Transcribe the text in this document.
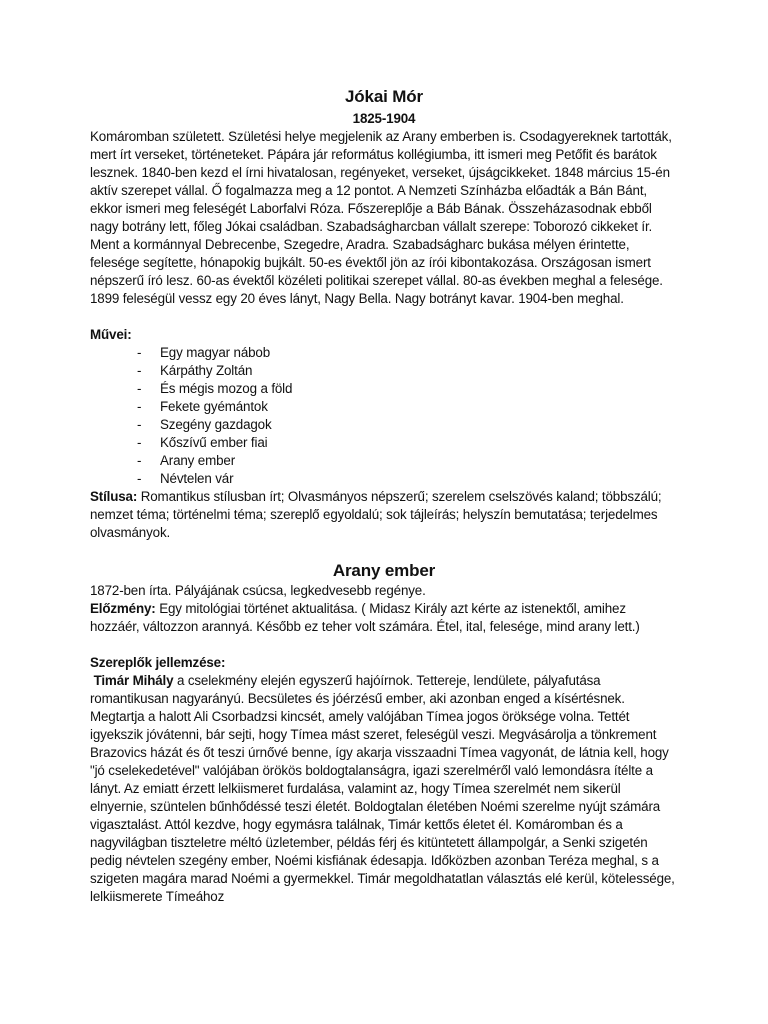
Jókai Mór
1825-1904

Komáromban született. Születési helye megjelenik az Arany emberben is. Csodagyereknek tartották, mert írt verseket, történeteket. Pápára jár református kollégiumba, itt ismeri meg Petőfit és barátok lesznek. 1840-ben kezd el írni hivatalosan, regényeket, verseket, újságcikkeket. 1848 március 15-én aktív szerepet vállal. Ő fogalmazza meg a 12 pontot. A Nemzeti Színházba előadták a Bán Bánt, ekkor ismeri meg feleségét Laborfalvi Róza. Főszereplője a Báb Bának. Összeházasodnak ebből nagy botrány lett, főleg Jókai családban. Szabadságharcban vállalt szerepe: Toborozó cikkeket ír. Ment a kormánnyal Debrecenbe, Szegedre, Aradra. Szabadságharc bukása mélyen érintette, felesége segítette, hónapokig bujkált. 50-es évektől jön az írói kibontakozása. Országosan ismert népszerű író lesz. 60-as évektől közéleti politikai szerepet vállal. 80-as években meghal a felesége. 1899 feleségül vessz egy 20 éves lányt, Nagy Bella. Nagy botrányt kavar. 1904-ben meghal.

Művei:

- Egy magyar nábob
- Kárpáthy Zoltán
- És mégis mozog a föld
- Fekete gyémántok
- Szegény gazdagok
- Kőszívű ember fiai
- Arany ember
- Névtelen vár

Stílusa: Romantikus stílusban írt; Olvasmányos népszerű; szerelem cselszövés kaland; többszálú; nemzet téma; történelmi téma; szereplő egyoldalú; sok tájleírás; helyszín bemutatása; terjedelmes olvasmányok.

Arany ember

1872-ben írta. Pályájának csúcsa, legkedvesebb regénye.

Előzmény: Egy mitológiai történet aktualitása. ( Midasz Király azt kérte az istenektől, amihez hozzáér, változzon arannyá. Később ez teher volt számára. Étel, ital, felesége, mind arany lett.)

Szereplők jellemzése:

Timár Mihály a cselekmény elején egyszerű hajóírnok. Tettereje, lendülete, pályafutása romantikusan nagyarányú. Becsületes és jóérzésű ember, aki azonban enged a kísértésnek. Megtartja a halott Ali Csorbadzsi kincsét, amely valójában Tímea jogos öröksége volna. Tettét igyekszik jóvátenni, bár sejti, hogy Tímea mást szeret, feleségül veszi. Megvásárolja a tönkrement Brazovics házát és őt teszi úrnővé benne, így akarja visszaadni Tímea vagyonát, de látnia kell, hogy "jó cselekedetével" valójában örökös boldogtalanságra, igazi szerelméről való lemondásra ítélte a lányt. Az emiatt érzett lelkiismeret furdalása, valamint az, hogy Tímea szerelmét nem sikerül elnyernie, szüntelen bűnhődéssé teszi életét. Boldogtalan életében Noémi szerelme nyújt számára vigasztalást. Attól kezdve, hogy egymásra találnak, Timár kettős életet él. Komáromban és a nagyvilágban tiszteletre méltó üzletember, példás férj és kitüntetett állampolgár, a Senki szigetén pedig névtelen szegény ember, Noémi kisfiának édesapja. Időközben azonban Teréza meghal, s a szigeten magára marad Noémi a gyermekkel. Timár megoldhatatlan választás elé kerül, kötelessége, lelkiismerete Tímeához
